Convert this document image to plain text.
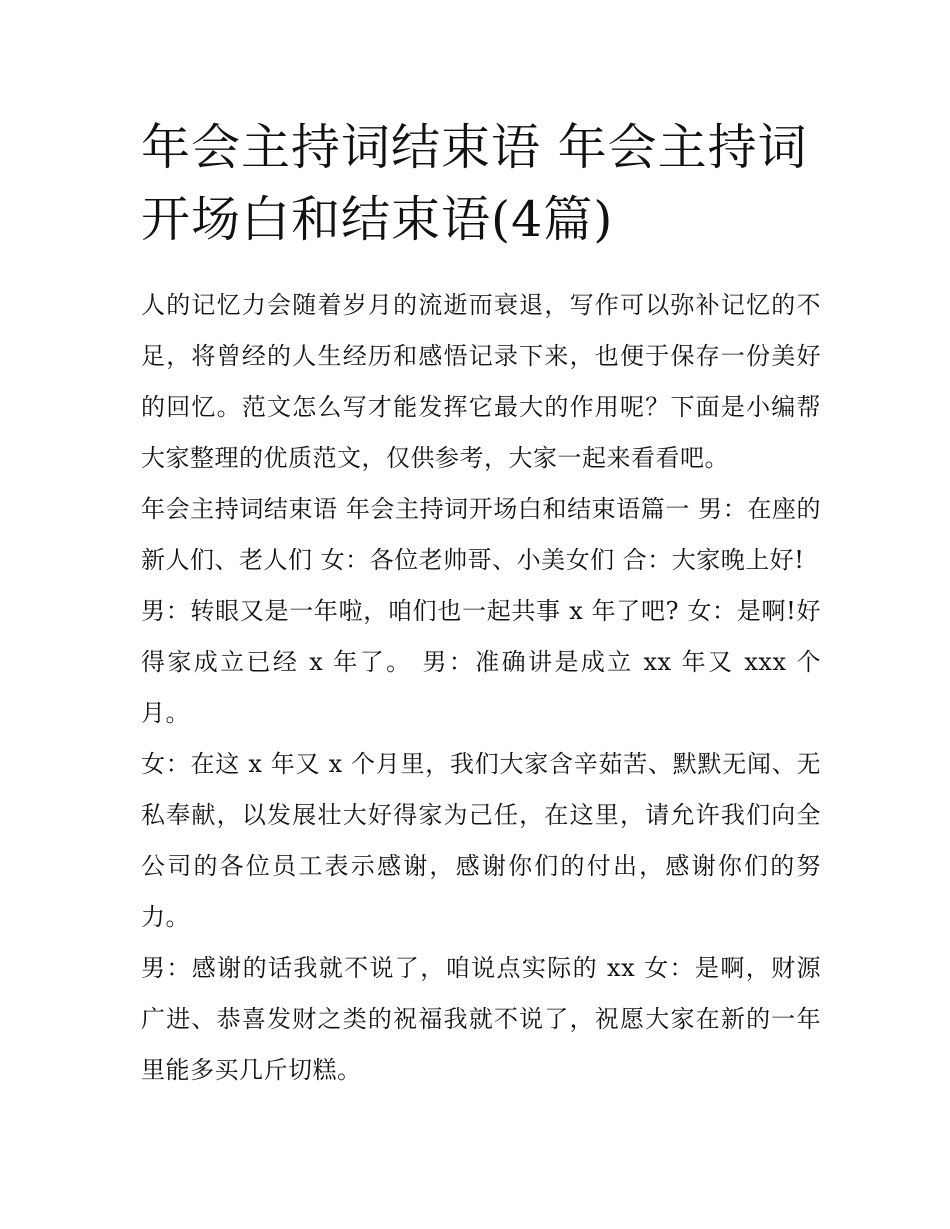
年会主持词结束语 年会主持词开场白和结束语(4篇)

人的记忆力会随着岁月的流逝而衰退，写作可以弥补记忆的不足，将曾经的人生经历和感悟记录下来，也便于保存一份美好的回忆。范文怎么写才能发挥它最大的作用呢？下面是小编帮大家整理的优质范文，仅供参考，大家一起来看看吧。

年会主持词结束语 年会主持词开场白和结束语篇一 男：在座的新人们、老人们 女：各位老帅哥、小美女们 合：大家晚上好!

男：转眼又是一年啦，咱们也一起共事 x 年了吧? 女：是啊!好得家成立已经 x 年了。 男：准确讲是成立 xx 年又 xxx 个月。

女：在这 x 年又 x 个月里，我们大家含辛茹苦、默默无闻、无私奉献，以发展壮大好得家为己任，在这里，请允许我们向全公司的各位员工表示感谢，感谢你们的付出，感谢你们的努力。

男：感谢的话我就不说了，咱说点实际的 xx 女：是啊，财源广进、恭喜发财之类的祝福我就不说了，祝愿大家在新的一年里能多买几斤切糕。
